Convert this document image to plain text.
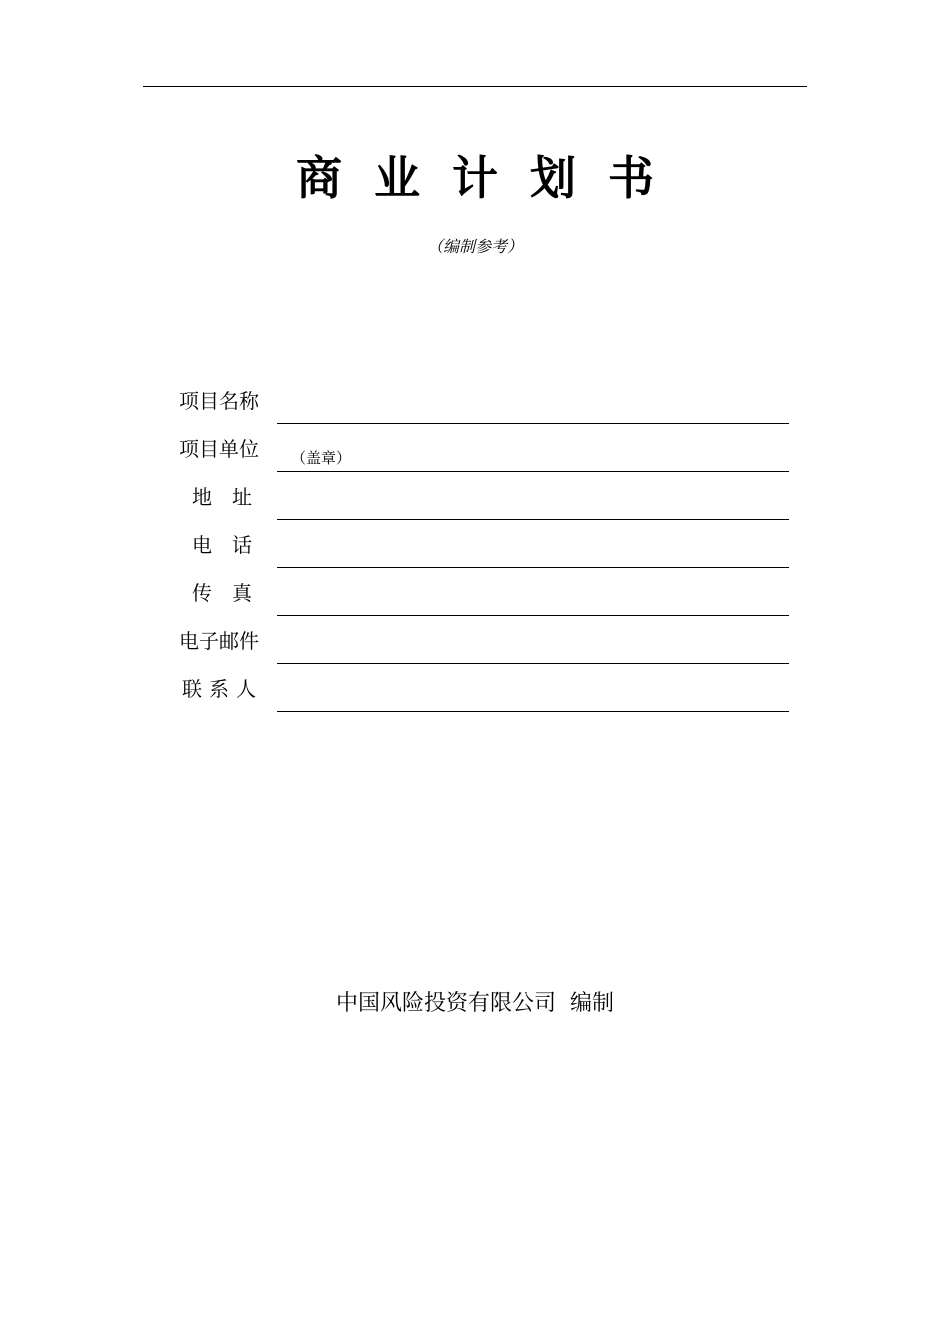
商业计划书
（编制参考）
项目名称
项目单位	（盖章）
地址
电话
传真
电子邮件
联系人
中国风险投资有限公司 编制
